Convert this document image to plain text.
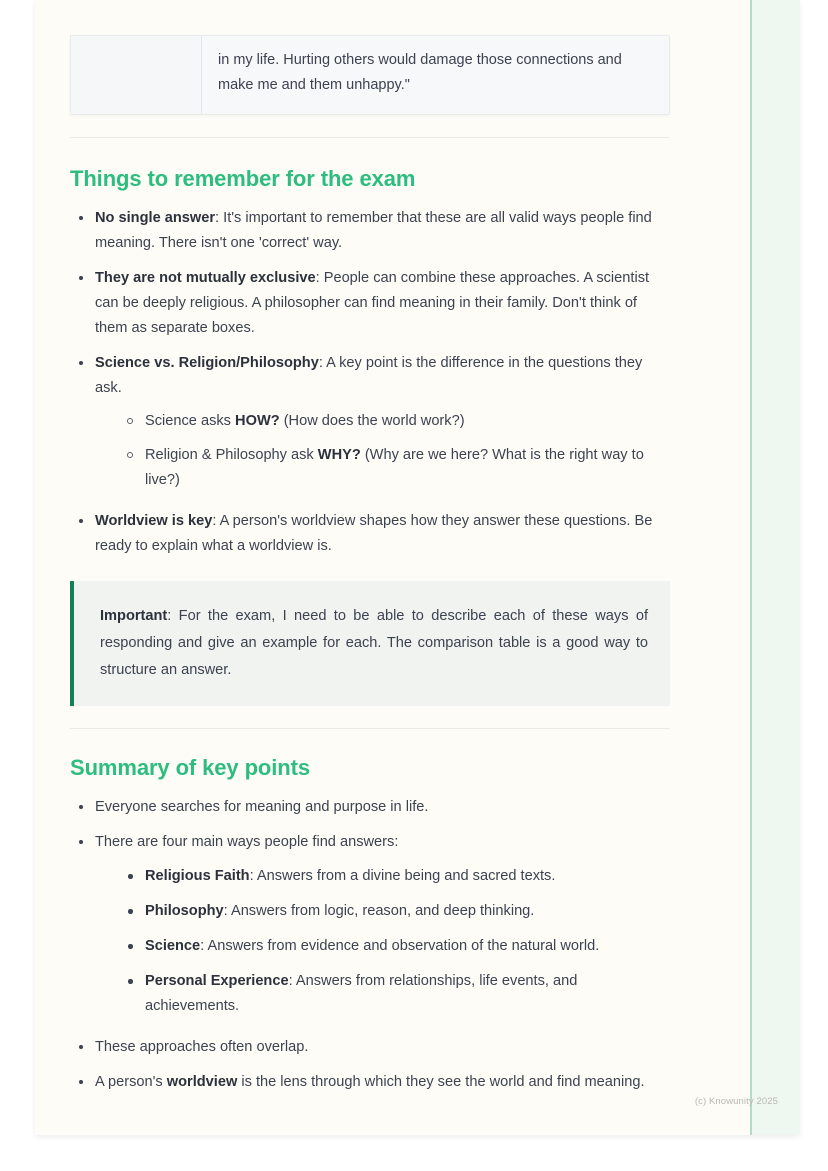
in my life. Hurting others would damage those connections and make me and them unhappy."
Things to remember for the exam
No single answer: It's important to remember that these are all valid ways people find meaning. There isn't one 'correct' way.
They are not mutually exclusive: People can combine these approaches. A scientist can be deeply religious. A philosopher can find meaning in their family. Don't think of them as separate boxes.
Science vs. Religion/Philosophy: A key point is the difference in the questions they ask.
Science asks HOW? (How does the world work?)
Religion & Philosophy ask WHY? (Why are we here? What is the right way to live?)
Worldview is key: A person's worldview shapes how they answer these questions. Be ready to explain what a worldview is.

Important: For the exam, I need to be able to describe each of these ways of responding and give an example for each. The comparison table is a good way to structure an answer.

Summary of key points
Everyone searches for meaning and purpose in life.
There are four main ways people find answers:
Religious Faith: Answers from a divine being and sacred texts.
Philosophy: Answers from logic, reason, and deep thinking.
Science: Answers from evidence and observation of the natural world.
Personal Experience: Answers from relationships, life events, and achievements.
These approaches often overlap.
A person's worldview is the lens through which they see the world and find meaning.
(c) Knowunity 2025
